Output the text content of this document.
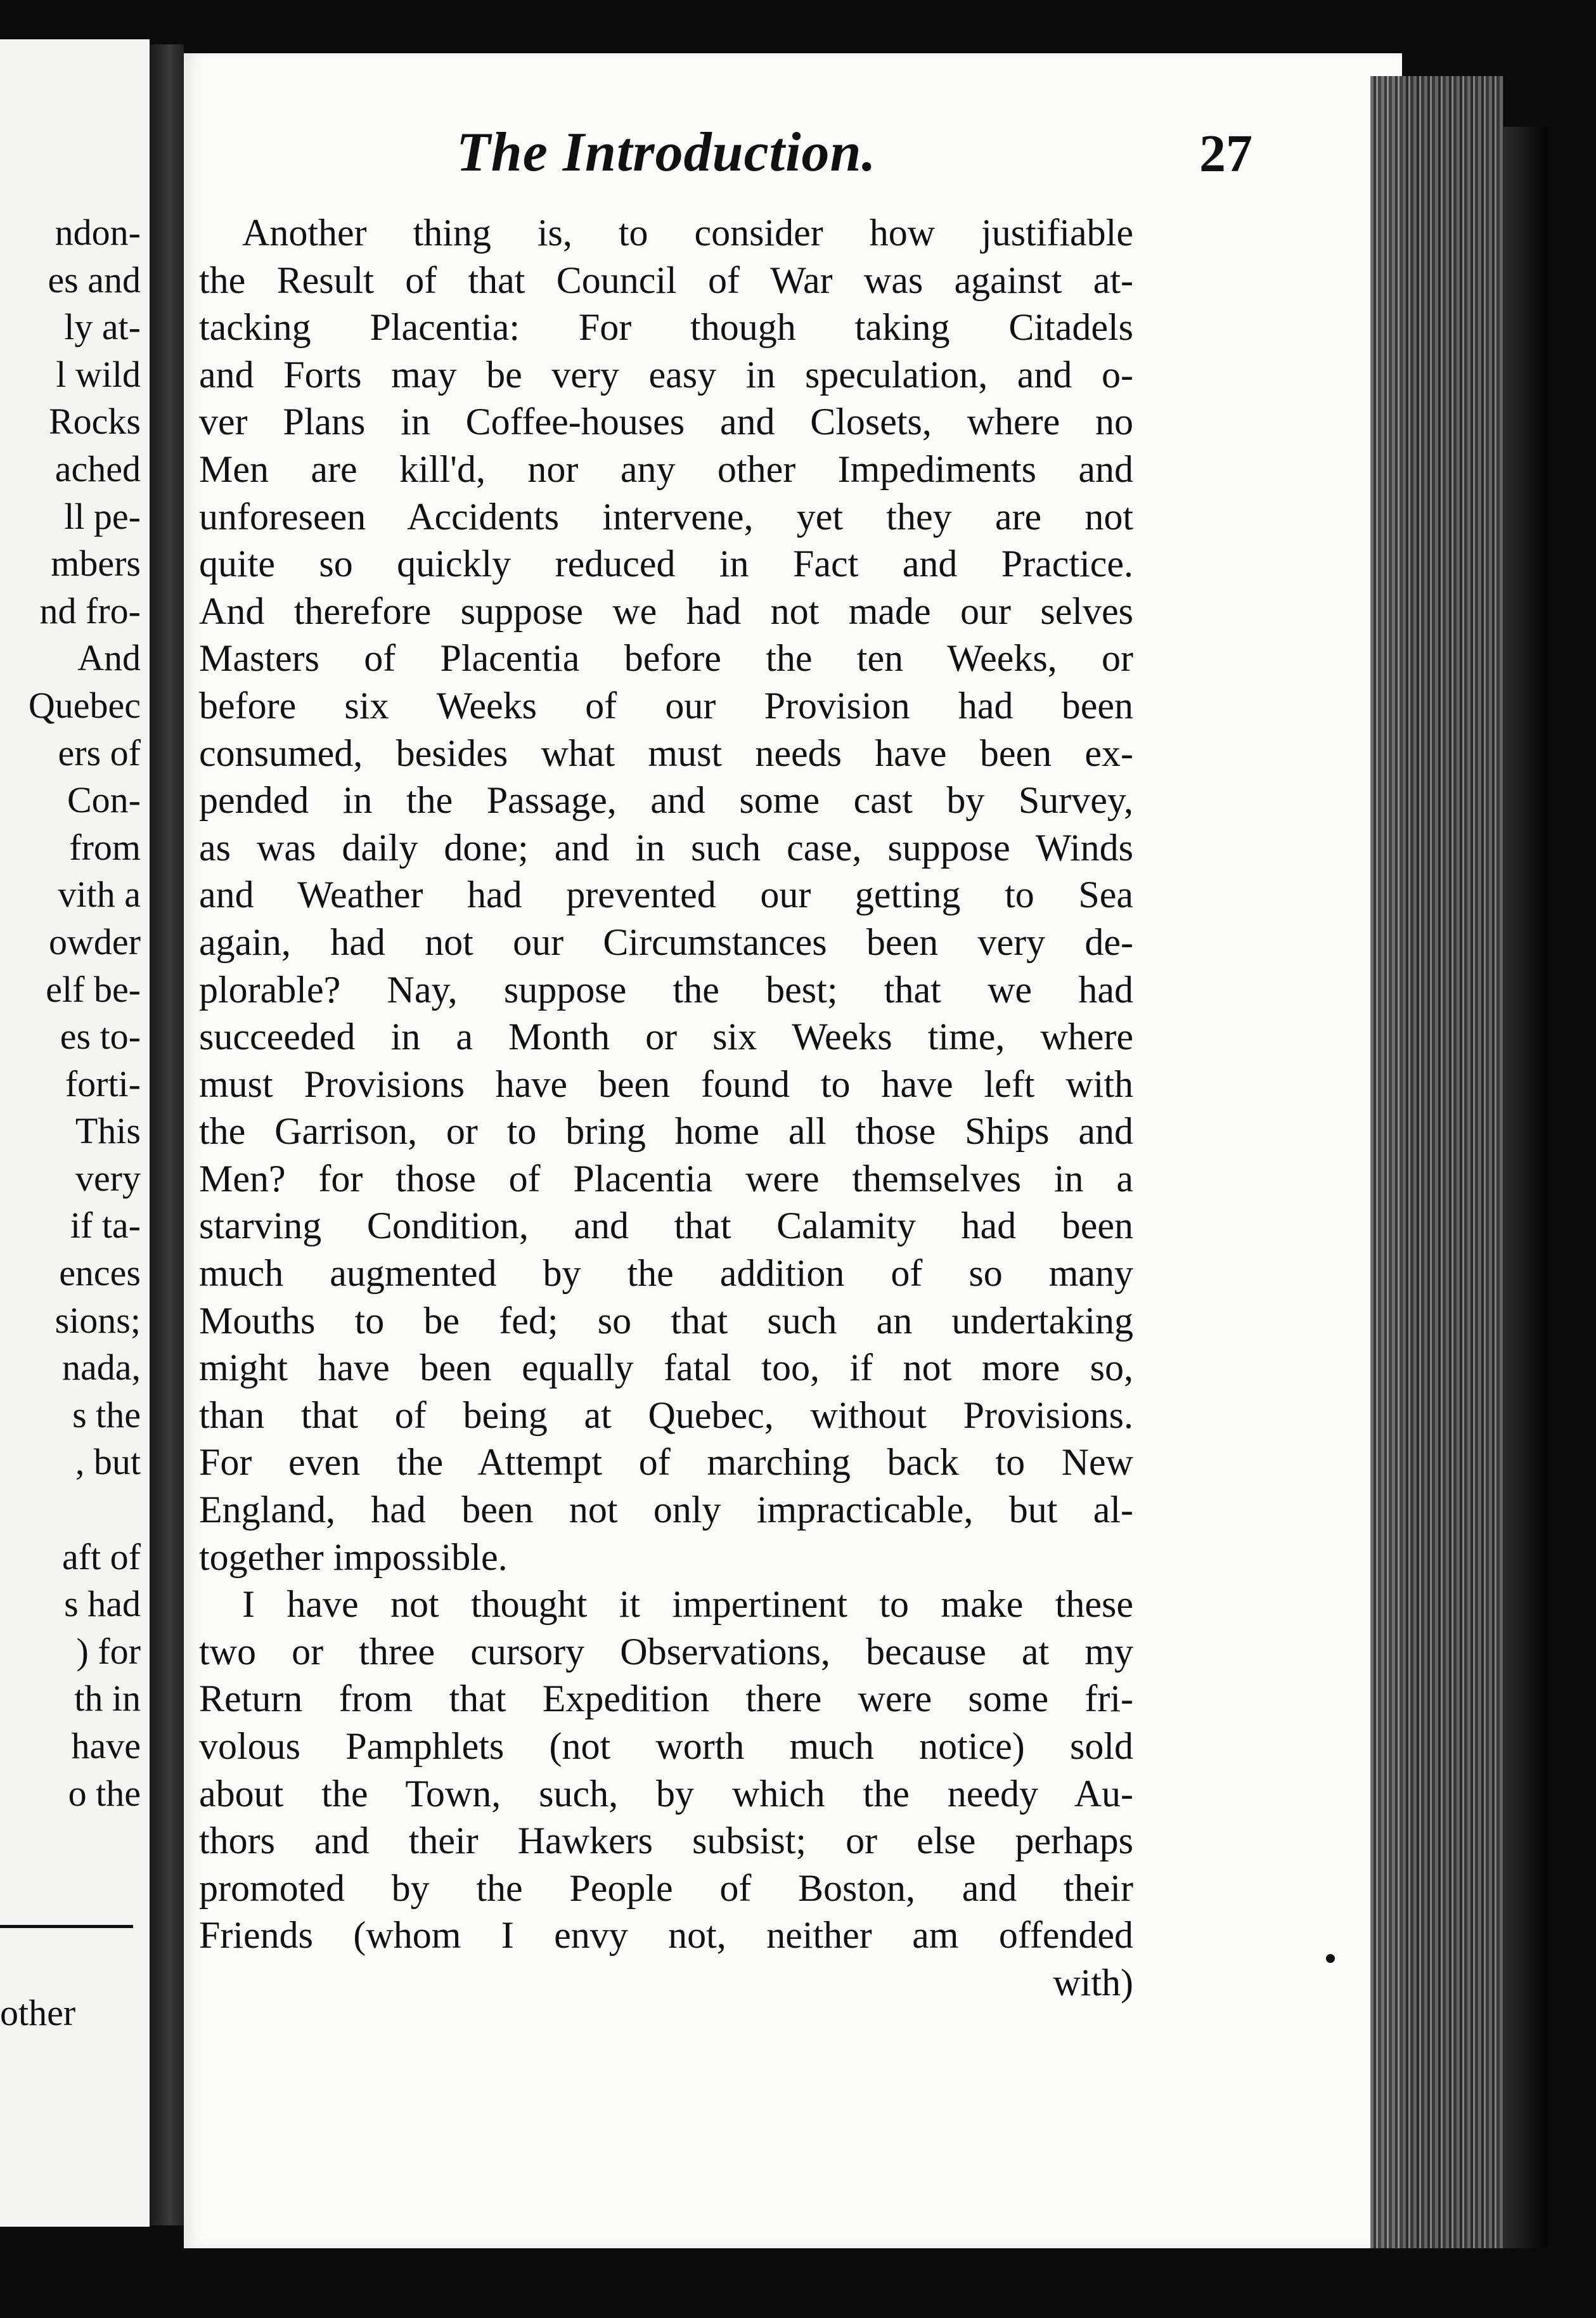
ndon-
es and
ly at-
l wild
Rocks
ached
ll pe-
mbers
nd fro-
And
Quebec
ers of
Con-
from
vith a
owder
elf be-
es to-
forti-
This
very
if ta-
ences
sions;
nada,
s the
, but
aft of
s had
) for
th in
have
o the
other
The Introduction.	27
Another thing is, to consider how justifiable
the Result of that Council of War was against at-
tacking Placentia: For though taking Citadels
and Forts may be very easy in speculation, and o-
ver Plans in Coffee-houses and Closets, where no
Men are kill'd, nor any other Impediments and
unforeseen Accidents intervene, yet they are not
quite so quickly reduced in Fact and Practice.
And therefore suppose we had not made our selves
Masters of Placentia before the ten Weeks, or
before six Weeks of our Provision had been
consumed, besides what must needs have been ex-
pended in the Passage, and some cast by Survey,
as was daily done; and in such case, suppose Winds
and Weather had prevented our getting to Sea
again, had not our Circumstances been very de-
plorable? Nay, suppose the best; that we had
succeeded in a Month or six Weeks time, where
must Provisions have been found to have left with
the Garrison, or to bring home all those Ships and
Men? for those of Placentia were themselves in a
starving Condition, and that Calamity had been
much augmented by the addition of so many
Mouths to be fed; so that such an undertaking
might have been equally fatal too, if not more so,
than that of being at Quebec, without Provisions.
For even the Attempt of marching back to New
England, had been not only impracticable, but al-
together impossible.
I have not thought it impertinent to make these
two or three cursory Observations, because at my
Return from that Expedition there were some fri-
volous Pamphlets (not worth much notice) sold
about the Town, such, by which the needy Au-
thors and their Hawkers subsist; or else perhaps
promoted by the People of Boston, and their
Friends (whom I envy not, neither am offended
with)
